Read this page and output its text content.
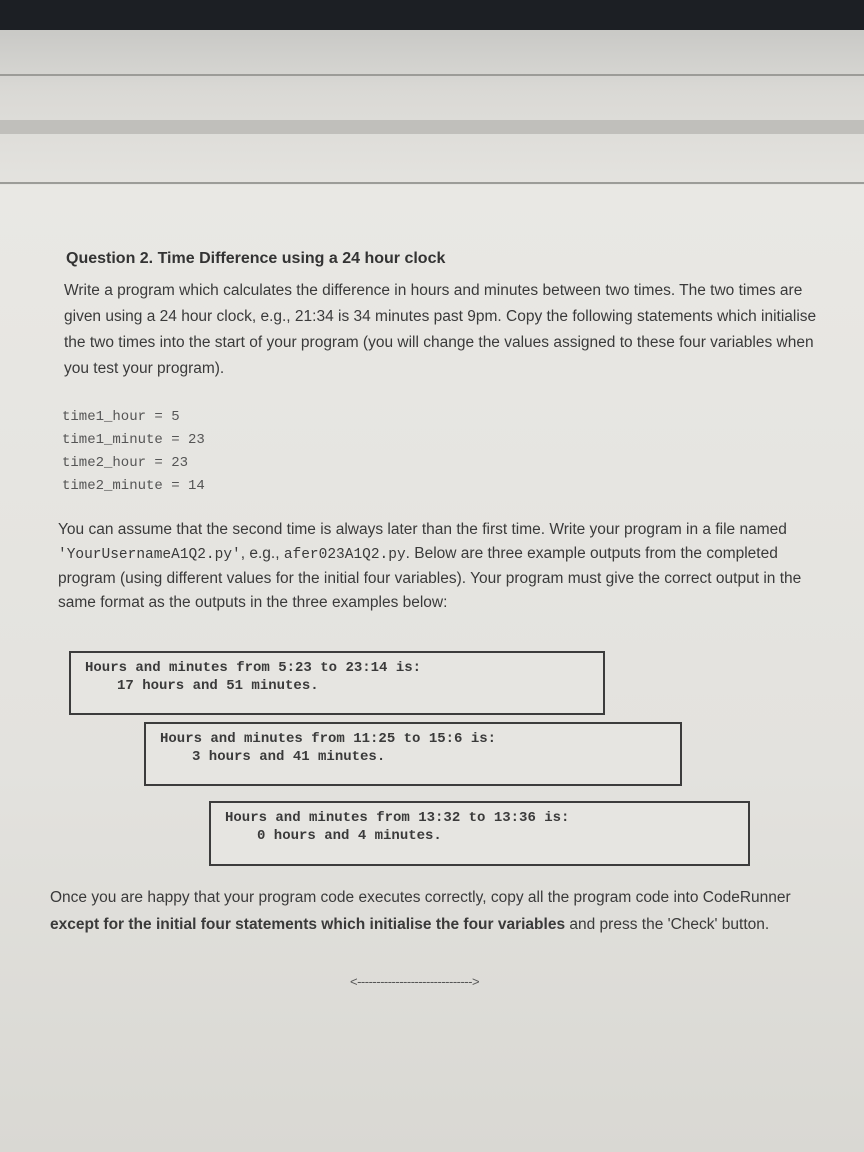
Question 2. Time Difference using a 24 hour clock
Write a program which calculates the difference in hours and minutes between two times. The two times are given using a 24 hour clock, e.g., 21:34 is 34 minutes past 9pm. Copy the following statements which initialise the two times into the start of your program (you will change the values assigned to these four variables when you test your program).
time1_hour = 5
time1_minute = 23
time2_hour = 23
time2_minute = 14
You can assume that the second time is always later than the first time. Write your program in a file named 'YourUsernameA1Q2.py', e.g., afer023A1Q2.py. Below are three example outputs from the completed program (using different values for the initial four variables). Your program must give the correct output in the same format as the outputs in the three examples below:
Hours and minutes from 5:23 to 23:14 is:
17 hours and 51 minutes.
Hours and minutes from 11:25 to 15:6 is:
3 hours and 41 minutes.
Hours and minutes from 13:32 to 13:36 is:
0 hours and 4 minutes.
Once you are happy that your program code executes correctly, copy all the program code into CodeRunner except for the initial four statements which initialise the four variables and press the 'Check' button.
<------------------------------>
